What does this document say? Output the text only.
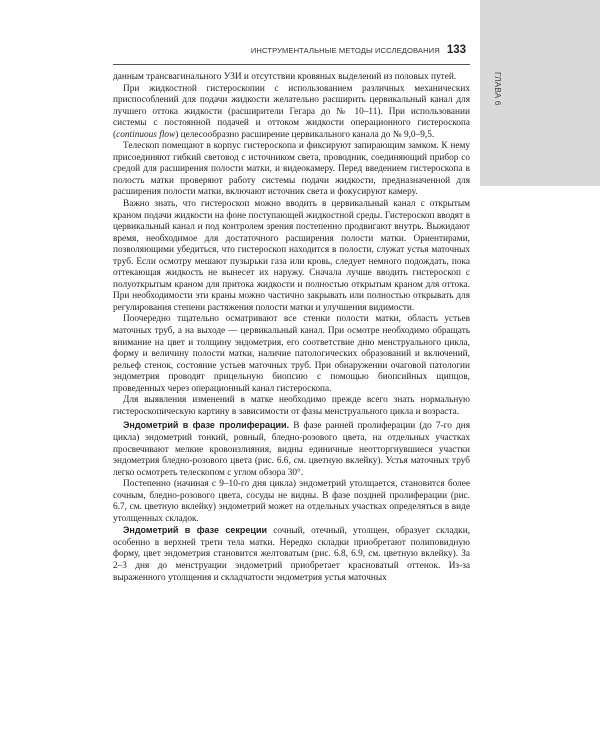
ГЛАВА 6
ИНСТРУМЕНТАЛЬНЫЕ МЕТОДЫ ИССЛЕДОВАНИЯ 133

данным трансвагинального УЗИ и отсутствии кровяных выделений из половых путей.

При жидкостной гистероскопии с использованием различных механических приспособлений для подачи жидкости желательно расширить цервикальный канал для лучшего оттока жидкости (расширители Гегара до № 10–11). При использовании системы с постоянной подачей и оттоком жидкости операционного гистероскопа (continuous flow) целесообразно расширение цервикального канала до № 9,0–9,5.

Телескоп помещают в корпус гистероскопа и фиксируют запирающим замком. К нему присоединяют гибкий световод с источником света, проводник, соединяющий прибор со средой для расширения полости матки, и видеокамеру. Перед введением гистероскопа в полость матки проверяют работу системы подачи жидкости, предназначенной для расширения полости матки, включают источник света и фокусируют камеру.

Важно знать, что гистероскоп можно вводить в цервикальный канал с открытым краном подачи жидкости на фоне поступающей жидкостной среды. Гистероскоп вводят в цервикальный канал и под контролем зрения постепенно продвигают внутрь. Выжидают время, необходимое для достаточного расширения полости матки. Ориентирами, позволяющими убедиться, что гистероскоп находится в полости, служат устья маточных труб. Если осмотру мешают пузырьки газа или кровь, следует немного подождать, пока оттекающая жидкость не вынесет их наружу. Сначала лучше вводить гистероскоп с полуоткрытым краном для притока жидкости и полностью открытым краном для оттока. При необходимости эти краны можно частично закрывать или полностью открывать для регулирования степени растяжения полости матки и улучшения видимости.

Поочередно тщательно осматривают все стенки полости матки, область устьев маточных труб, а на выходе — цервикальный канал. При осмотре необходимо обращать внимание на цвет и толщину эндометрия, его соответствие дню менструального цикла, форму и величину полости матки, наличие патологических образований и включений, рельеф стенок, состояние устьев маточных труб. При обнаружении очаговой патологии эндометрия проводят прицельную биопсию с помощью биопсийных щипцов, проведенных через операционный канал гистероскопа.

Для выявления изменений в матке необходимо прежде всего знать нормальную гистероскопическую картину в зависимости от фазы менструального цикла и возраста.

Эндометрий в фазе пролиферации. В фазе ранней пролиферации (до 7-го дня цикла) эндометрий тонкий, ровный, бледно-розового цвета, на отдельных участках просвечивают мелкие кровоизлияния, видны единичные неотторгнувшиеся участки эндометрия бледно-розового цвета (рис. 6.6, см. цветную вклейку). Устья маточных труб легко осмотреть телескопом с углом обзора 30°.

Постепенно (начиная с 9–10-го дня цикла) эндометрий утолщается, становится более сочным, бледно-розового цвета, сосуды не видны. В фазе поздней пролиферации (рис. 6.7, см. цветную вклейку) эндометрий может на отдельных участках определяться в виде утолщенных складок.

Эндометрий в фазе секреции сочный, отечный, утолщен, образует складки, особенно в верхней трети тела матки. Нередко складки приобретают полиповидную форму, цвет эндометрия становится желтоватым (рис. 6.8, 6.9, см. цветную вклейку). За 2–3 дня до менструации эндометрий приобретает красноватый оттенок. Из-за выраженного утолщения и складчатости эндометрия устья маточных
